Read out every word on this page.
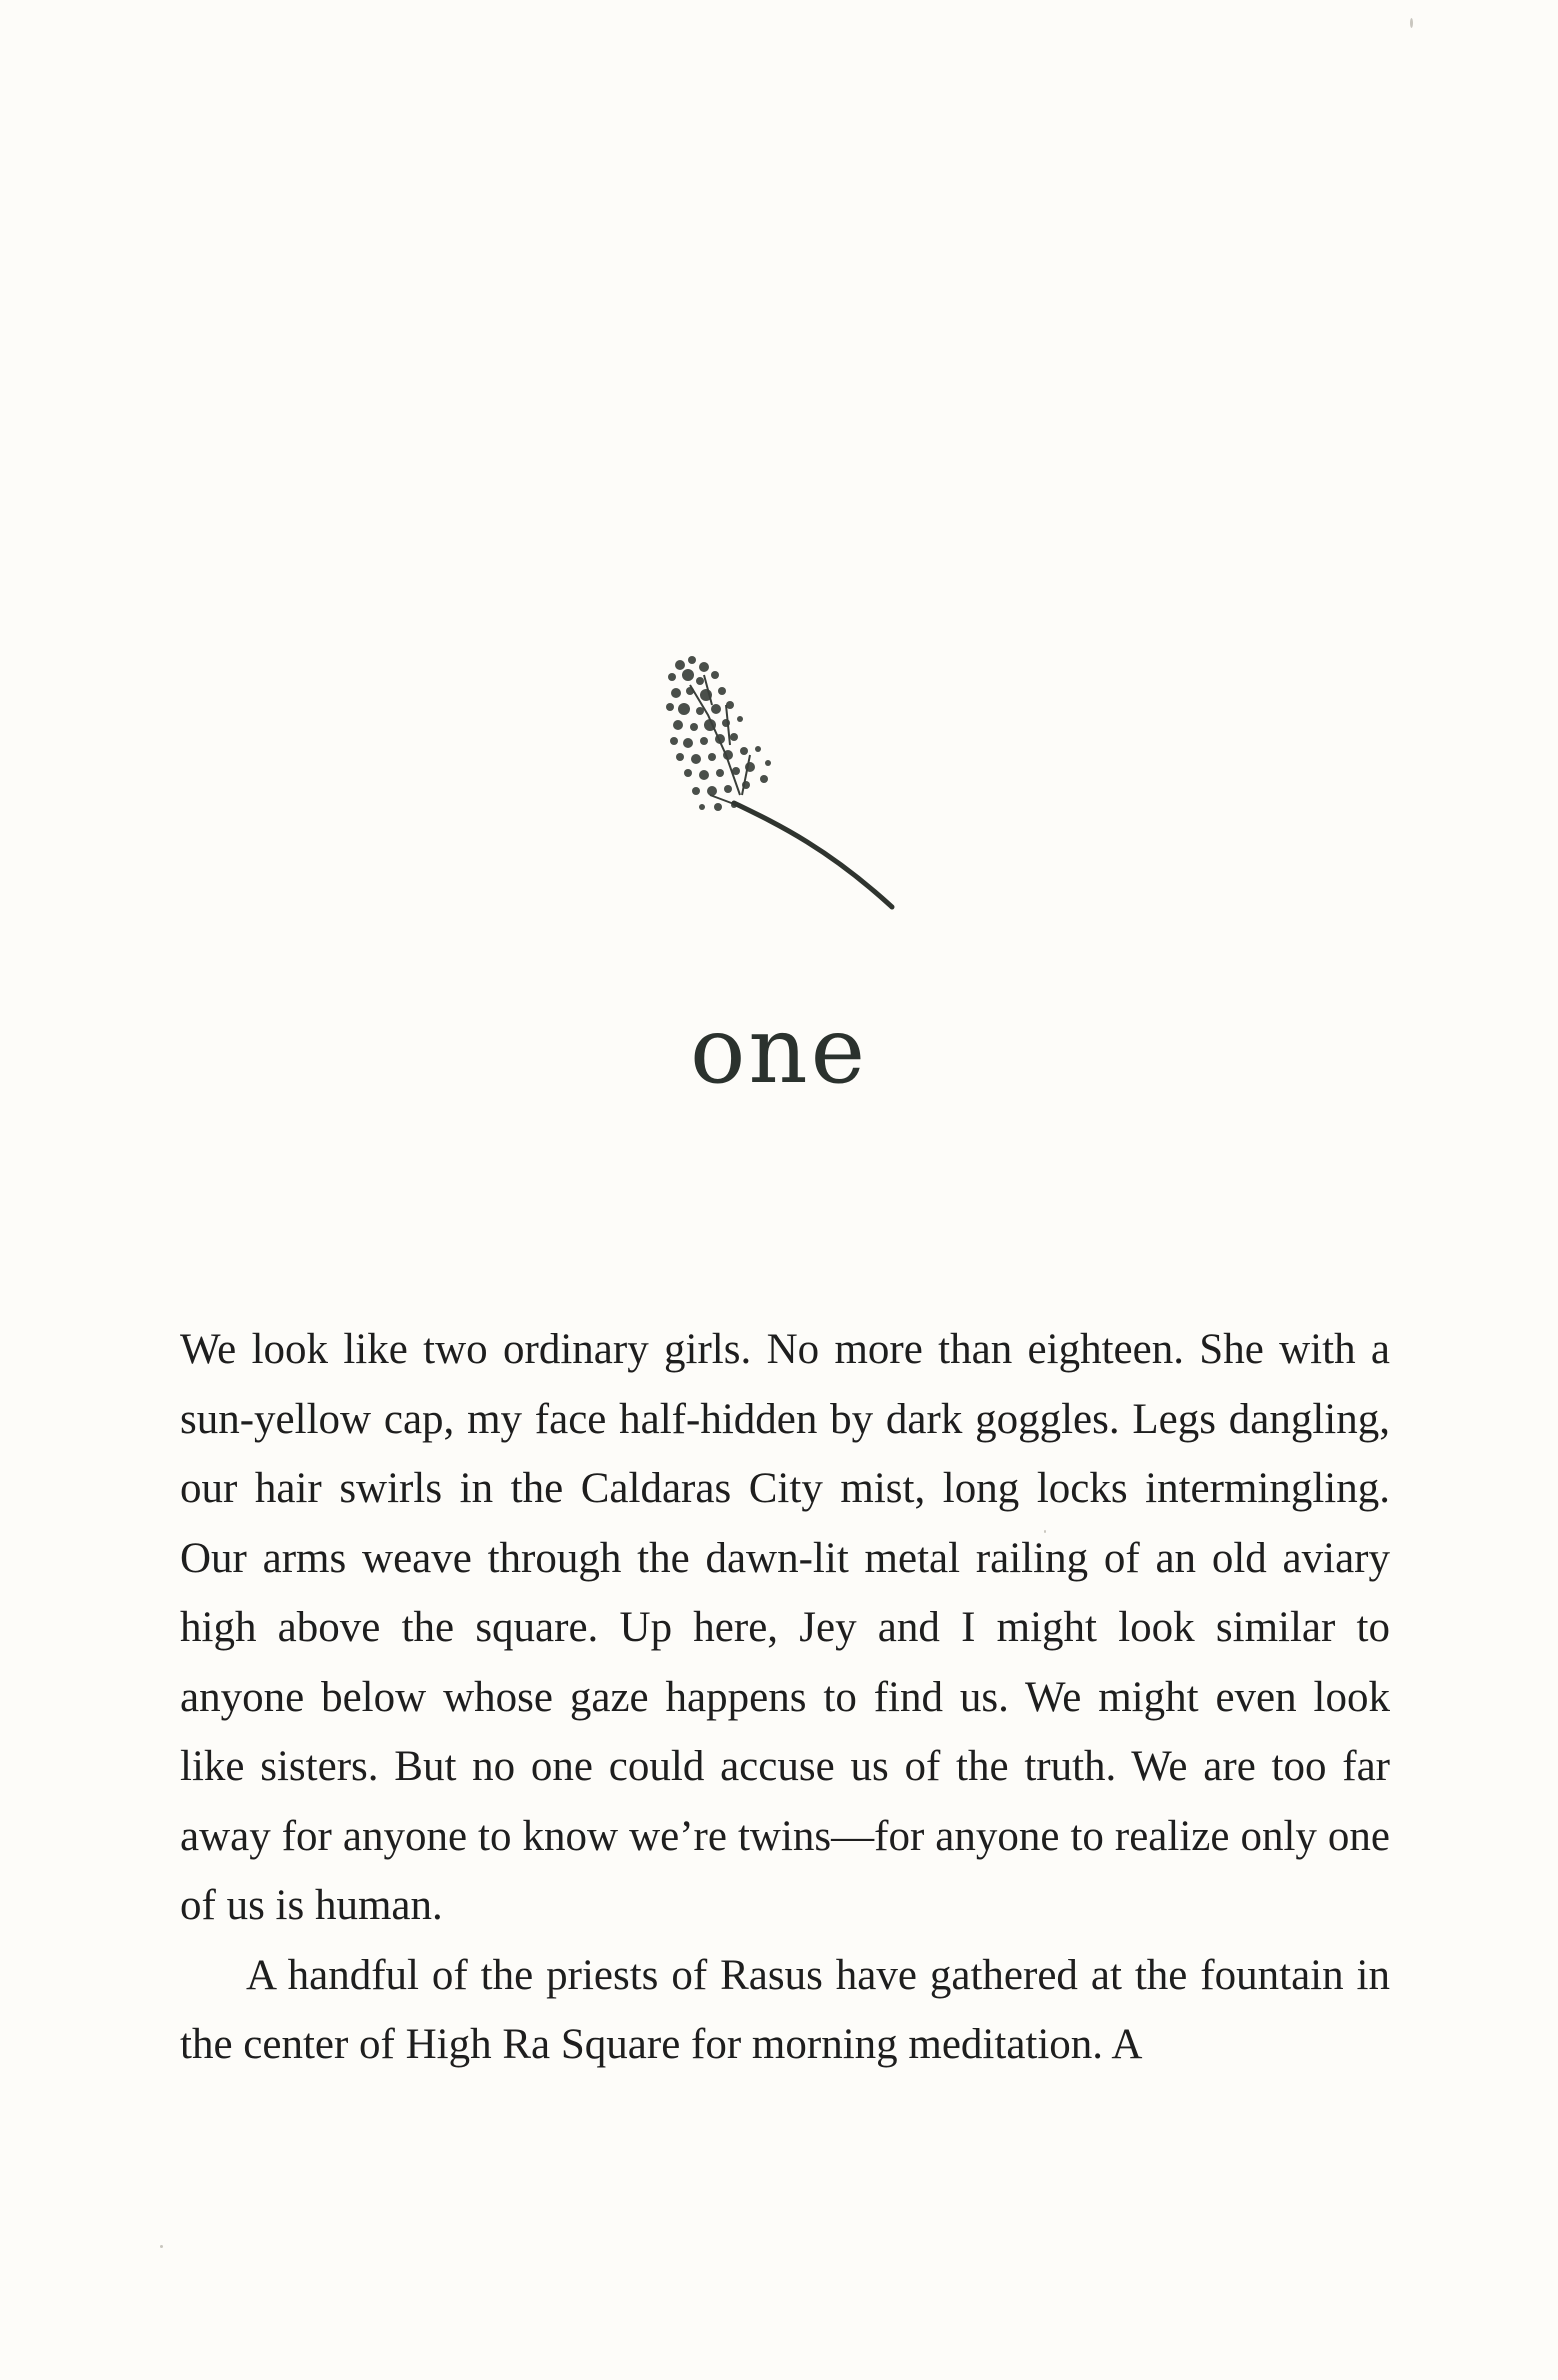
one

We look like two ordinary girls. No more than eighteen. She with a sun-yellow cap, my face half-hidden by dark goggles. Legs dangling, our hair swirls in the Caldaras City mist, long locks intermingling. Our arms weave through the dawn-lit metal railing of an old aviary high above the square. Up here, Jey and I might look similar to anyone below whose gaze happens to find us. We might even look like sisters. But no one could accuse us of the truth. We are too far away for anyone to know we’re twins—for anyone to realize only one of us is human.

A handful of the priests of Rasus have gathered at the fountain in the center of High Ra Square for morning meditation. A
